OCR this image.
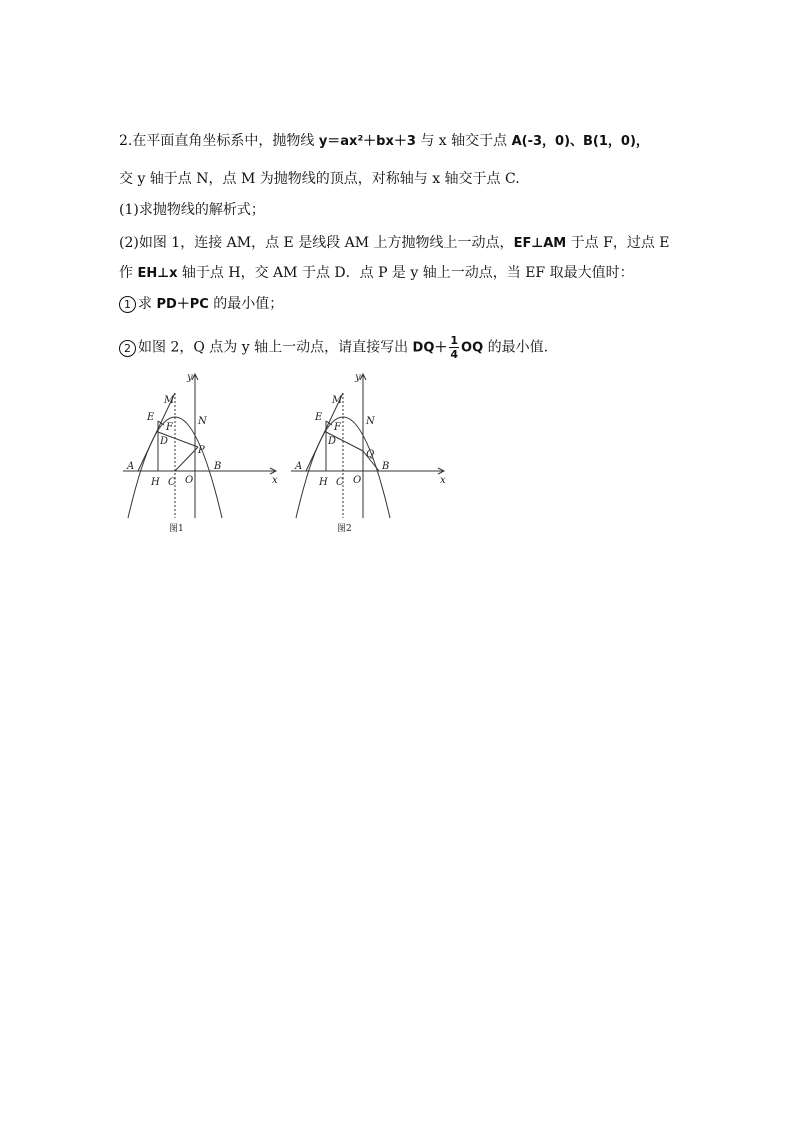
2.在平面直角坐标系中，抛物线 y＝ax²＋bx＋3 与 x 轴交于点 A(-3，0)、B(1，0)，
交 y 轴于点 N，点 M 为抛物线的顶点，对称轴与 x 轴交于点 C.
(1)求抛物线的解析式；
(2)如图 1，连接 AM，点 E 是线段 AM 上方抛物线上一动点，EF⊥AM 于点 F，过点 E
作 EH⊥x 轴于点 H，交 AM 于点 D．点 P 是 y 轴上一动点，当 EF 取最大值时：
1 求 PD＋PC 的最小值；
2 如图 2，Q 点为 y 轴上一动点，请直接写出 $DQ+ \frac{1}{4}$ OQ 的最小值.
y
x
M
N
E
F
D
A
H C O
P
B
图1
y
x
M
N
E
F
D
A
H C O
Q
B
图2
